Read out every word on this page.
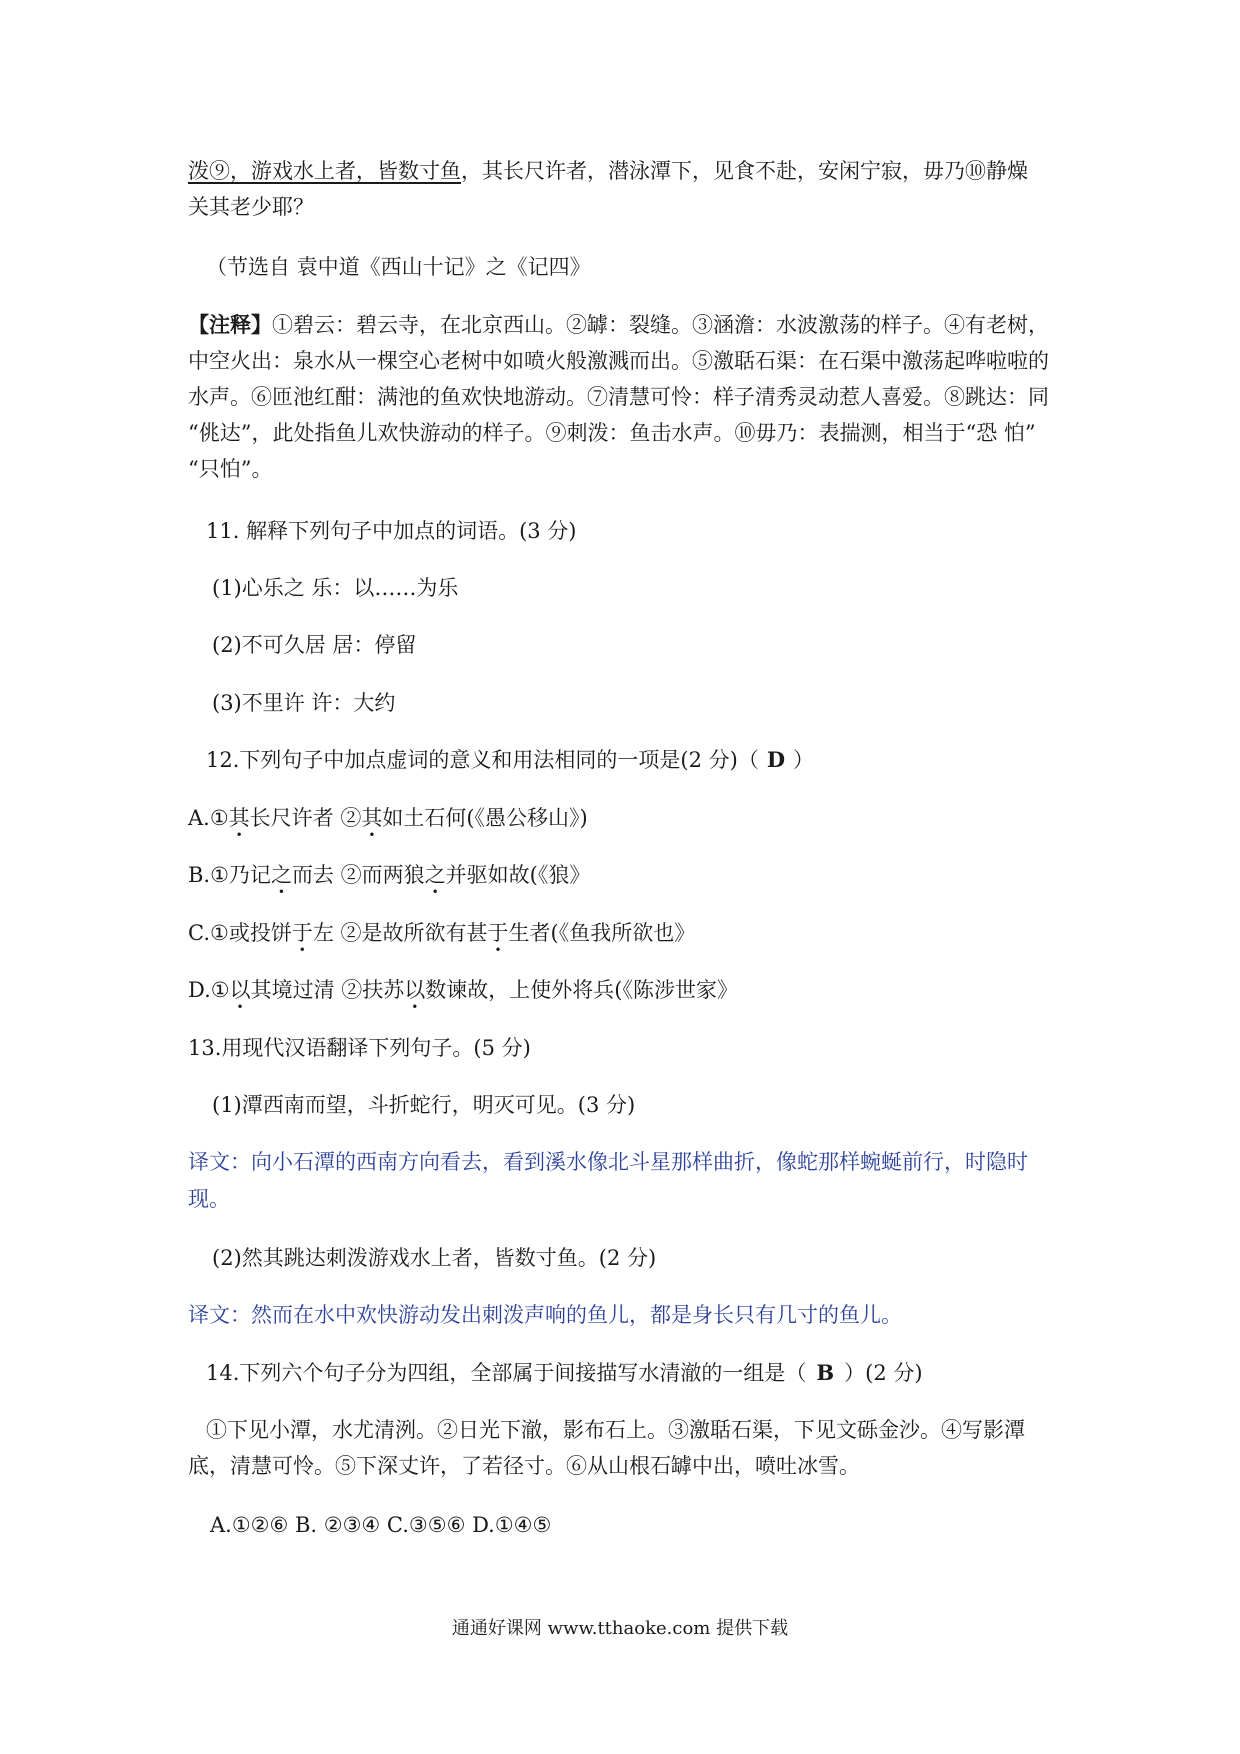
泼⑨，游戏水上者，皆数寸鱼，其长尺许者，潜泳潭下，见食不赴，安闲宁寂，毋乃⑩静燥
关其老少耶？
（节选自 袁中道《西山十记》之《记四》
【注释】①碧云：碧云寺，在北京西山。②罅：裂缝。③涵澹：水波激荡的样子。④有老树，
中空火出：泉水从一棵空心老树中如喷火般激溅而出。⑤激聒石渠：在石渠中激荡起哗啦啦的
水声。⑥匝池红酣：满池的鱼欢快地游动。⑦清慧可怜：样子清秀灵动惹人喜爱。⑧跳达：同
“佻达”，此处指鱼儿欢快游动的样子。⑨刺泼：鱼击水声。⑩毋乃：表揣测，相当于“恐 怕”
“只怕”。
11. 解释下列句子中加点的词语。(3 分)
(1)心乐之 乐：以……为乐
(2)不可久居 居：停留
(3)不里许 许：大约
12.下列句子中加点虚词的意义和用法相同的一项是(2 分)（ D ）
A.①其长尺许者 ②其如土石何(《愚公移山》)
B.①乃记之而去 ②而两狼之并驱如故(《狼》
C.①或投饼于左 ②是故所欲有甚于生者(《鱼我所欲也》
D.①以其境过清 ②扶苏以数谏故，上使外将兵(《陈涉世家》
13.用现代汉语翻译下列句子。(5 分)
(1)潭西南而望，斗折蛇行，明灭可见。(3 分)
译文：向小石潭的西南方向看去，看到溪水像北斗星那样曲折，像蛇那样蜿蜒前行，时隐时
现。
(2)然其跳达刺泼游戏水上者，皆数寸鱼。(2 分)
译文：然而在水中欢快游动发出刺泼声响的鱼儿，都是身长只有几寸的鱼儿。
14.下列六个句子分为四组，全部属于间接描写水清澈的一组是（ B ）(2 分)
①下见小潭，水尤清洌。②日光下澈，影布石上。③激聒石渠，下见文砾金沙。④写影潭
底，清慧可怜。⑤下深丈许，了若径寸。⑥从山根石罅中出，喷吐冰雪。
A.①②⑥ B. ②③④ C.③⑤⑥ D.①④⑤
通通好课网 www.tthaoke.com 提供下载
